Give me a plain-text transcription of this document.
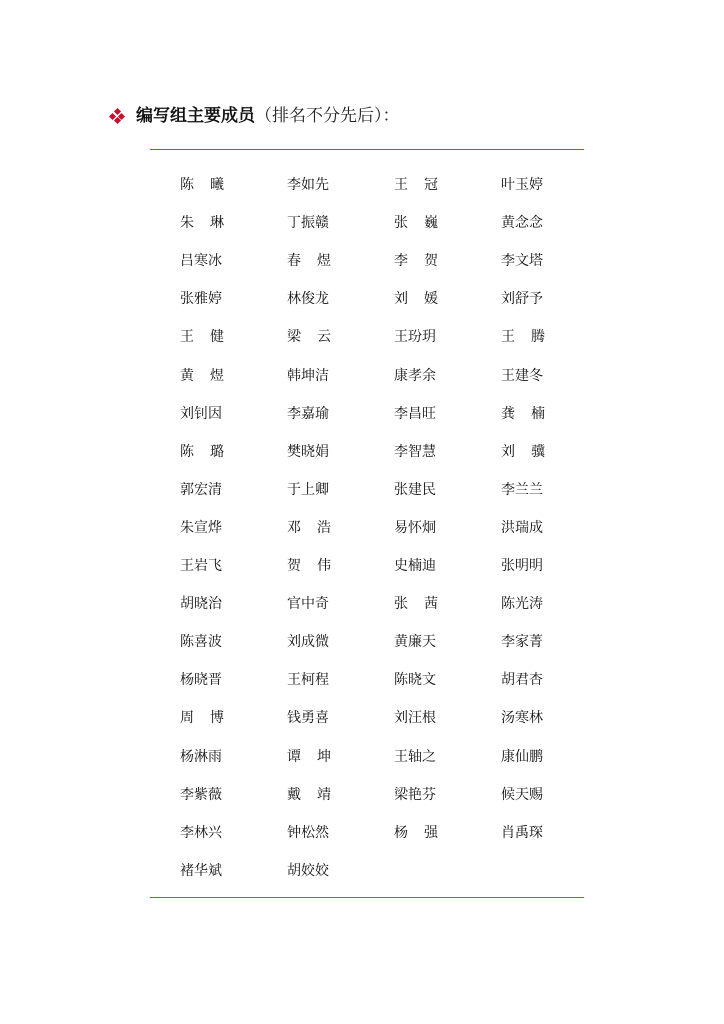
编写组主要成员 （排名不分先后）：
陈 曦	李如先	王 冠	叶玉婷
朱 琳	丁振赣	张 巍	黄念念
吕寒冰	春 煜	李 贺	李文塔
张雅婷	林俊龙	刘 媛	刘舒予
王 健	梁 云	王玢玥	王 腾
黄 煜	韩坤洁	康孝余	王建冬
刘钊因	李嘉瑜	李昌旺	龚 楠
陈 璐	樊晓娟	李智慧	刘 骥
郭宏清	于上卿	张建民	李兰兰
朱宣烨	邓 浩	易怀炯	洪瑞成
王岩飞	贺 伟	史楠迪	张明明
胡晓治	官中奇	张 茜	陈光涛
陈喜波	刘成微	黄廉天	李家菁
杨晓晋	王柯程	陈晓文	胡君杏
周 博	钱勇喜	刘汪根	汤寒林
杨淋雨	谭 坤	王轴之	康仙鹏
李紫薇	戴 靖	梁艳芬	候天赐
李林兴	钟松然	杨 强	肖禹琛
褚华斌	胡姣姣
